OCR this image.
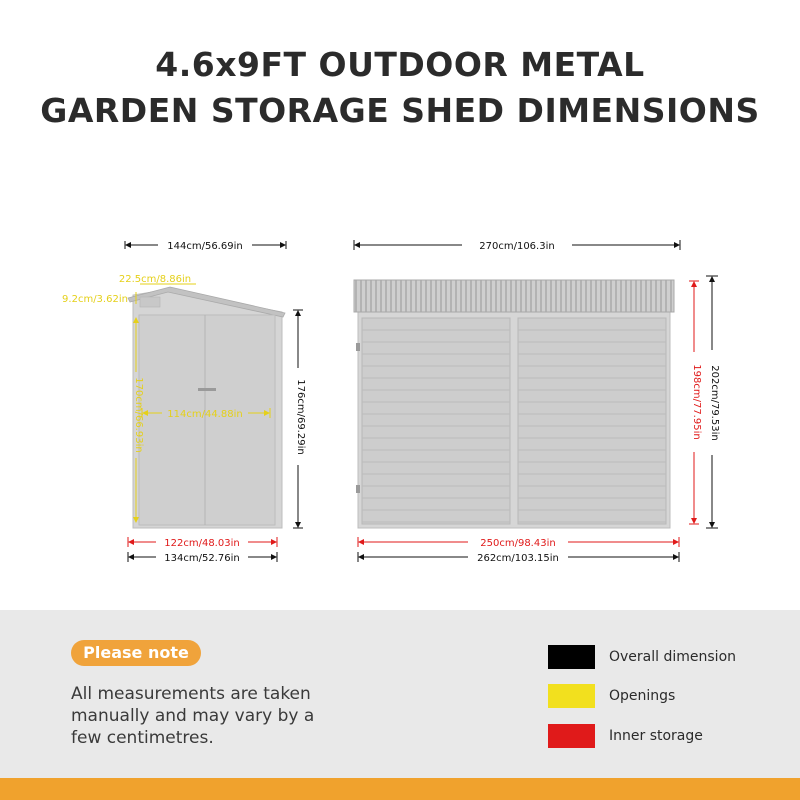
4.6x9FT OUTDOOR METAL
GARDEN STORAGE SHED DIMENSIONS
144cm/56.69in
22.5cm/8.86in
9.2cm/3.62in
170cm/66.93in 114cm/44.88in	176cm/69.29in
122cm/48.03in
134cm/52.76in
270cm/106.3in
202cm/79.53in
198cm/77.95in
250cm/98.43in
262cm/103.15in
Please note
All measurements are taken
manually and may vary by a
few centimetres.
Overall dimension
Openings
Inner storage
